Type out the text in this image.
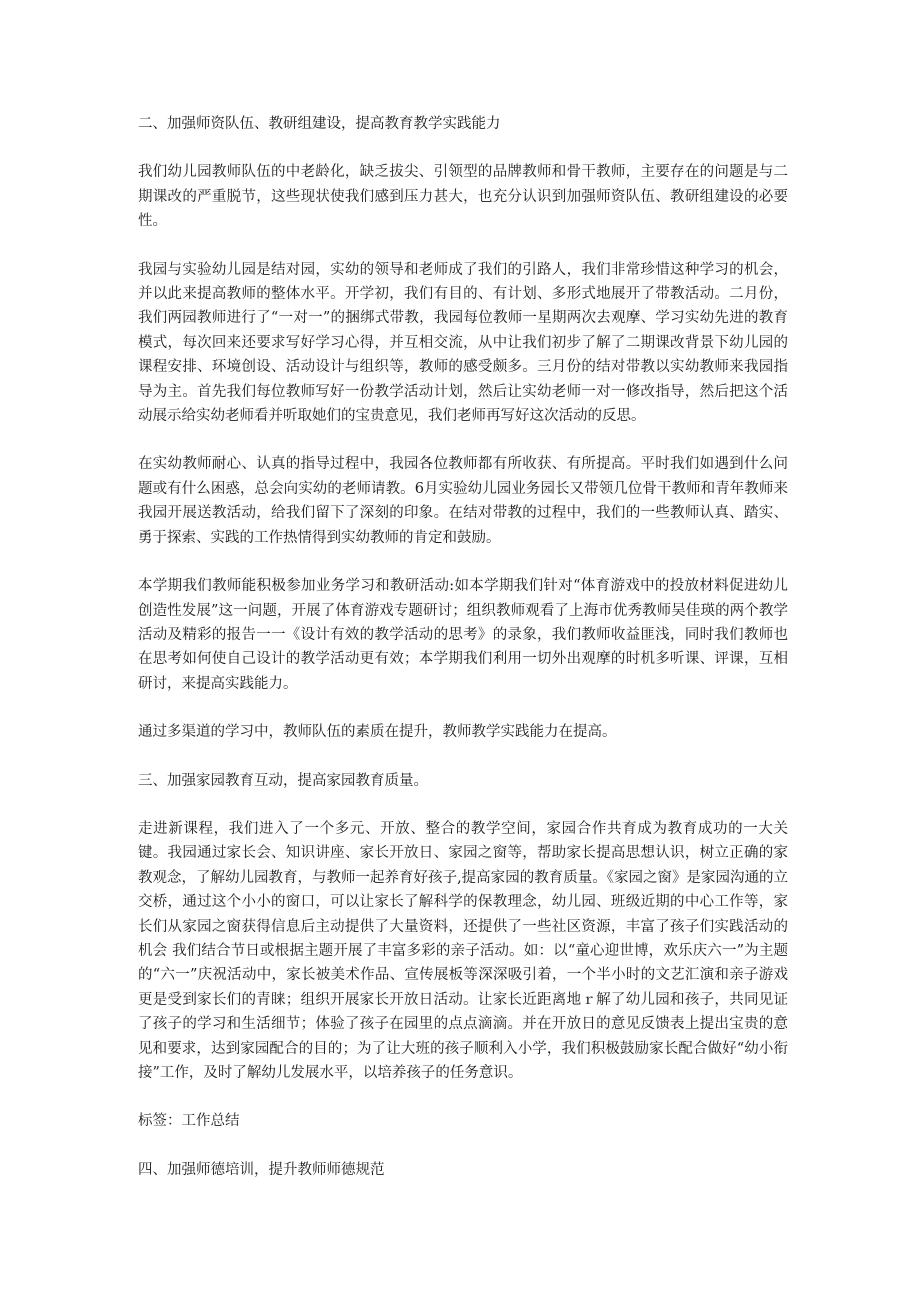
二、加强师资队伍、教研组建设，提高教育教学实践能力

我们幼儿园教师队伍的中老龄化，缺乏拔尖、引领型的品牌教师和骨干教师，主要存在的问题是与二期课改的严重脱节，这些现状使我们感到压力甚大，也充分认识到加强师资队伍、教研组建设的必要性。

我园与实验幼儿园是结对园，实幼的领导和老师成了我们的引路人，我们非常珍惜这种学习的机会，并以此来提高教师的整体水平。开学初，我们有目的、有计划、多形式地展开了带教活动。二月份，我们两园教师进行了“一对一”的捆绑式带教，我园每位教师一星期两次去观摩、学习实幼先进的教育模式，每次回来还要求写好学习心得，并互相交流，从中让我们初步了解了二期课改背景下幼儿园的课程安排、环境创设、活动设计与组织等，教师的感受颇多。三月份的结对带教以实幼教师来我园指导为主。首先我们每位教师写好一份教学活动计划，然后让实幼老师一对一修改指导，然后把这个活动展示给实幼老师看并听取她们的宝贵意见，我们老师再写好这次活动的反思。

在实幼教师耐心、认真的指导过程中，我园各位教师都有所收获、有所提高。平时我们如遇到什么问题或有什么困惑，总会向实幼的老师请教。6月实验幼儿园业务园长又带领几位骨干教师和青年教师来我园开展送教活动，给我们留下了深刻的印象。在结对带教的过程中，我们的一些教师认真、踏实、勇于探索、实践的工作热情得到实幼教师的肯定和鼓励。

本学期我们教师能积极参加业务学习和教研活动:如本学期我们针对“体育游戏中的投放材料促进幼儿创造性发展”这一问题，开展了体育游戏专题研讨；组织教师观看了上海市优秀教师吴佳瑛的两个教学活动及精彩的报告一一《设计有效的教学活动的思考》的录象，我们教师收益匪浅，同时我们教师也在思考如何使自己设计的教学活动更有效；本学期我们利用一切外出观摩的时机多听课、评课，互相研讨，来提高实践能力。

通过多渠道的学习中，教师队伍的素质在提升，教师教学实践能力在提高。

三、加强家园教育互动，提高家园教育质量。

走进新课程，我们进入了一个多元、开放、整合的教学空间，家园合作共育成为教育成功的一大关键。我园通过家长会、知识讲座、家长开放日、家园之窗等，帮助家长提高思想认识，树立正确的家教观念，了解幼儿园教育，与教师一起养育好孩子,提高家园的教育质量。《家园之窗》是家园沟通的立交桥，通过这个小小的窗口，可以让家长了解科学的保教理念，幼儿园、班级近期的中心工作等，家长们从家园之窗获得信息后主动提供了大量资料，还提供了一些社区资源，丰富了孩子们实践活动的机会 我们结合节日或根据主题开展了丰富多彩的亲子活动。如：以“童心迎世博，欢乐庆六一”为主题的“六一”庆祝活动中，家长被美术作品、宣传展板等深深吸引着，一个半小时的文艺汇演和亲子游戏更是受到家长们的青睐；组织开展家长开放日活动。让家长近距离地ｒ解了幼儿园和孩子，共同见证了孩子的学习和生活细节；体验了孩子在园里的点点滴滴。并在开放日的意见反馈表上提出宝贵的意见和要求，达到家园配合的目的；为了让大班的孩子顺利入小学，我们积极鼓励家长配合做好“幼小衔接”工作，及时了解幼儿发展水平，以培养孩子的任务意识。

标签：工作总结

四、加强师德培训，提升教师师德规范
